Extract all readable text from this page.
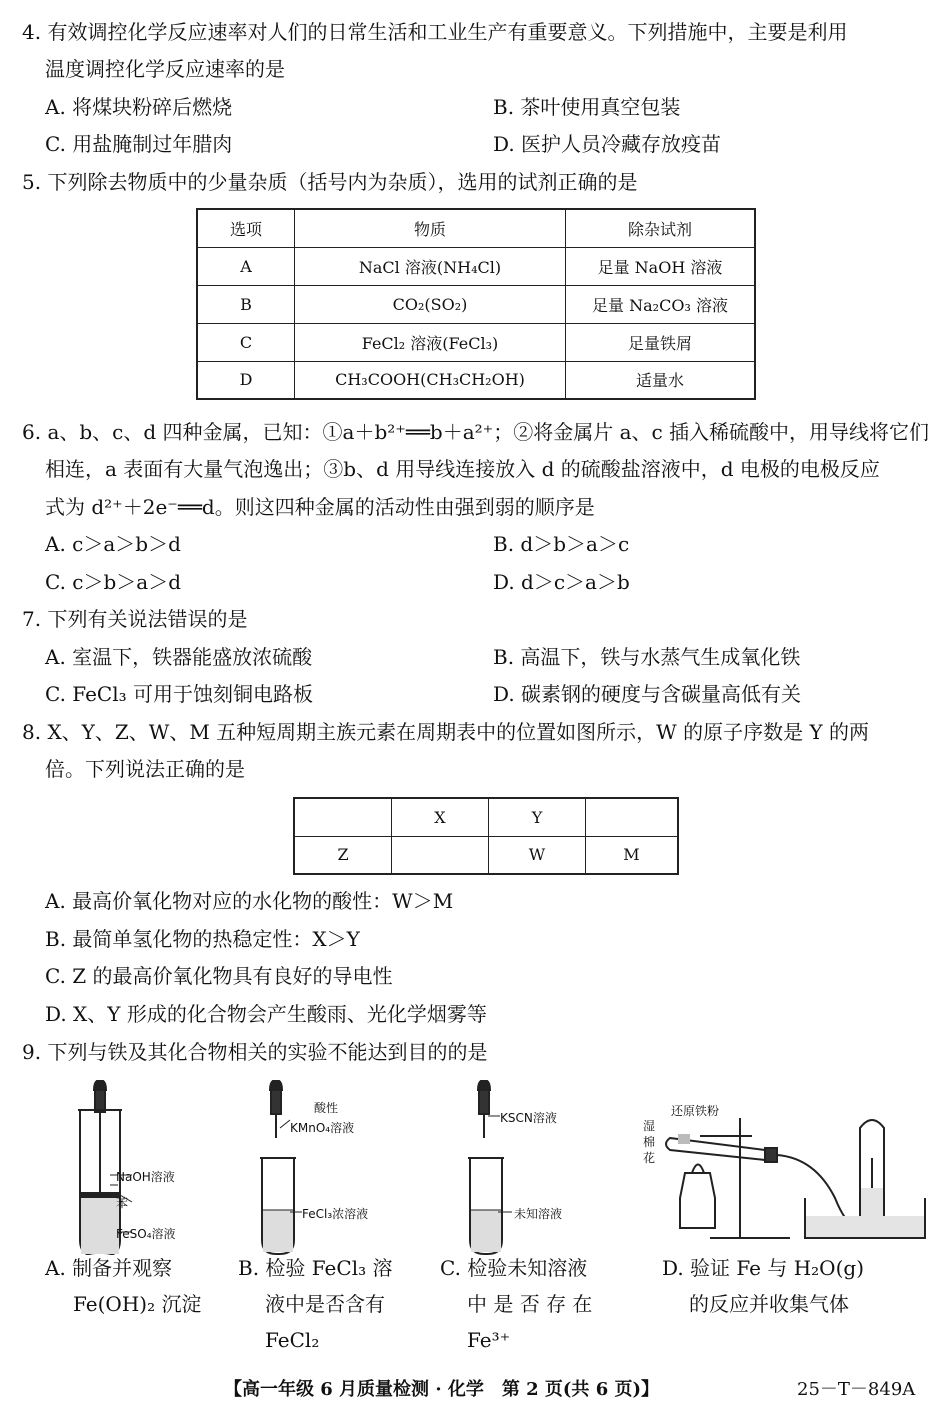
4. 有效调控化学反应速率对人们的日常生活和工业生产有重要意义。下列措施中，主要是利用
温度调控化学反应速率的是
A. 将煤块粉碎后燃烧	B. 茶叶使用真空包装
C. 用盐腌制过年腊肉	D. 医护人员冷藏存放疫苗
5. 下列除去物质中的少量杂质（括号内为杂质），选用的试剂正确的是
选项	物质	除杂试剂
A	NaCl 溶液(NH₄Cl)	足量 NaOH 溶液
B	CO₂(SO₂)	足量 Na₂CO₃ 溶液
C	FeCl₂ 溶液(FeCl₃)	足量铁屑
D	CH₃COOH(CH₃CH₂OH)	适量水
6. a、b、c、d 四种金属，已知：①a＋b²⁺══b＋a²⁺；②将金属片 a、c 插入稀硫酸中，用导线将它们
相连，a 表面有大量气泡逸出；③b、d 用导线连接放入 d 的硫酸盐溶液中，d 电极的电极反应
式为 d²⁺＋2e⁻══d。则这四种金属的活动性由强到弱的顺序是
A. c＞a＞b＞d	B. d＞b＞a＞c
C. c＞b＞a＞d	D. d＞c＞a＞b
7. 下列有关说法错误的是
A. 室温下，铁器能盛放浓硫酸	B. 高温下，铁与水蒸气生成氧化铁
C. FeCl₃ 可用于蚀刻铜电路板	D. 碳素钢的硬度与含碳量高低有关
8. X、Y、Z、W、M 五种短周期主族元素在周期表中的位置如图所示，W 的原子序数是 Y 的两
倍。下列说法正确的是
	X	Y	
Z		W	M
A. 最高价氧化物对应的水化物的酸性：W＞M
B. 最简单氢化物的热稳定性：X＞Y
C. Z 的最高价氧化物具有良好的导电性
D. X、Y 形成的化合物会产生酸雨、光化学烟雾等
9. 下列与铁及其化合物相关的实验不能达到目的的是
NaOH溶液
苯
FeSO₄溶液
A. 制备并观察
Fe(OH)₂ 沉淀
酸性
KMnO₄溶液
FeCl₃浓溶液
B. 检验 FeCl₃ 溶
液中是否含有
FeCl₂
KSCN溶液
未知溶液
C. 检验未知溶液
中 是 否 存 在
Fe³⁺
还原铁粉
湿
棉
花
D. 验证 Fe 与 H₂O(g)
的反应并收集气体
【高一年级 6 月质量检测 · 化学　第 2 页(共 6 页)】	25－T－849A
